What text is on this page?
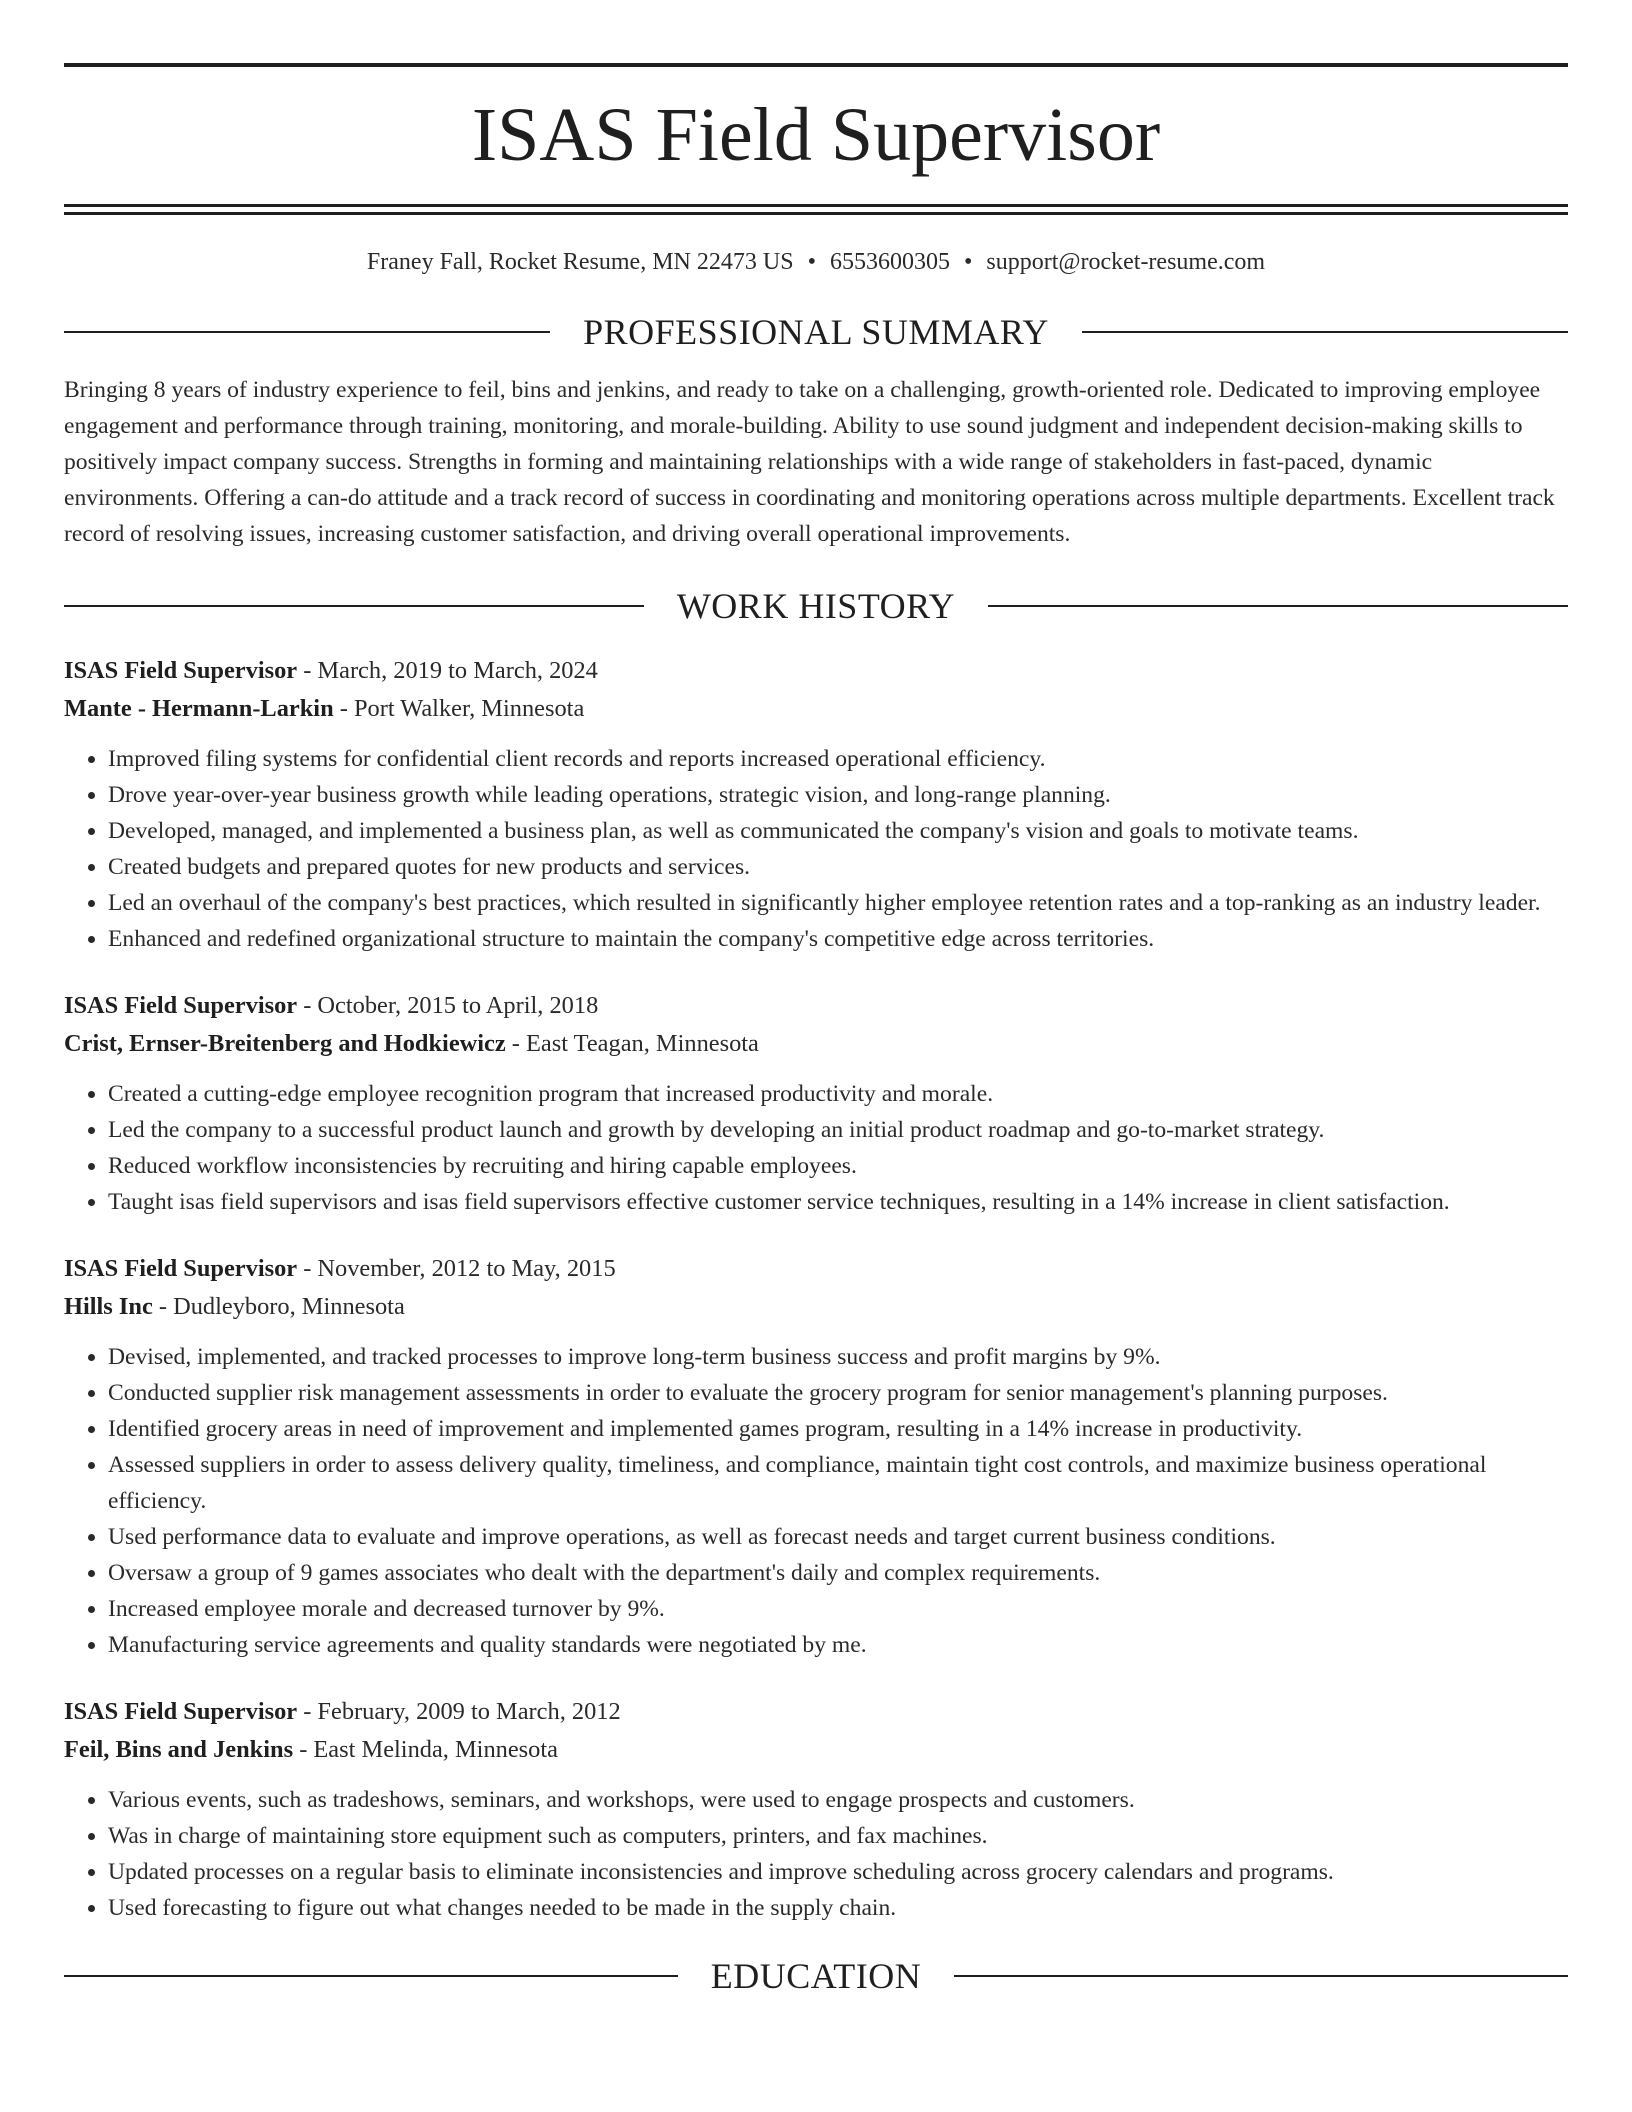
ISAS Field Supervisor
Franey Fall, Rocket Resume, MN 22473 US • 6553600305 • support@rocket-resume.com
PROFESSIONAL SUMMARY
Bringing 8 years of industry experience to feil, bins and jenkins, and ready to take on a challenging, growth-oriented role. Dedicated to improving employee engagement and performance through training, monitoring, and morale-building. Ability to use sound judgment and independent decision-making skills to positively impact company success. Strengths in forming and maintaining relationships with a wide range of stakeholders in fast-paced, dynamic environments. Offering a can-do attitude and a track record of success in coordinating and monitoring operations across multiple departments. Excellent track record of resolving issues, increasing customer satisfaction, and driving overall operational improvements.
WORK HISTORY
ISAS Field Supervisor - March, 2019 to March, 2024
Mante - Hermann-Larkin - Port Walker, Minnesota
• Improved filing systems for confidential client records and reports increased operational efficiency.
• Drove year-over-year business growth while leading operations, strategic vision, and long-range planning.
• Developed, managed, and implemented a business plan, as well as communicated the company's vision and goals to motivate teams.
• Created budgets and prepared quotes for new products and services.
• Led an overhaul of the company's best practices, which resulted in significantly higher employee retention rates and a top-ranking as an industry leader.
• Enhanced and redefined organizational structure to maintain the company's competitive edge across territories.
ISAS Field Supervisor - October, 2015 to April, 2018
Crist, Ernser-Breitenberg and Hodkiewicz - East Teagan, Minnesota
• Created a cutting-edge employee recognition program that increased productivity and morale.
• Led the company to a successful product launch and growth by developing an initial product roadmap and go-to-market strategy.
• Reduced workflow inconsistencies by recruiting and hiring capable employees.
• Taught isas field supervisors and isas field supervisors effective customer service techniques, resulting in a 14% increase in client satisfaction.
ISAS Field Supervisor - November, 2012 to May, 2015
Hills Inc - Dudleyboro, Minnesota
• Devised, implemented, and tracked processes to improve long-term business success and profit margins by 9%.
• Conducted supplier risk management assessments in order to evaluate the grocery program for senior management's planning purposes.
• Identified grocery areas in need of improvement and implemented games program, resulting in a 14% increase in productivity.
• Assessed suppliers in order to assess delivery quality, timeliness, and compliance, maintain tight cost controls, and maximize business operational efficiency.
• Used performance data to evaluate and improve operations, as well as forecast needs and target current business conditions.
• Oversaw a group of 9 games associates who dealt with the department's daily and complex requirements.
• Increased employee morale and decreased turnover by 9%.
• Manufacturing service agreements and quality standards were negotiated by me.
ISAS Field Supervisor - February, 2009 to March, 2012
Feil, Bins and Jenkins - East Melinda, Minnesota
• Various events, such as tradeshows, seminars, and workshops, were used to engage prospects and customers.
• Was in charge of maintaining store equipment such as computers, printers, and fax machines.
• Updated processes on a regular basis to eliminate inconsistencies and improve scheduling across grocery calendars and programs.
• Used forecasting to figure out what changes needed to be made in the supply chain.
EDUCATION
